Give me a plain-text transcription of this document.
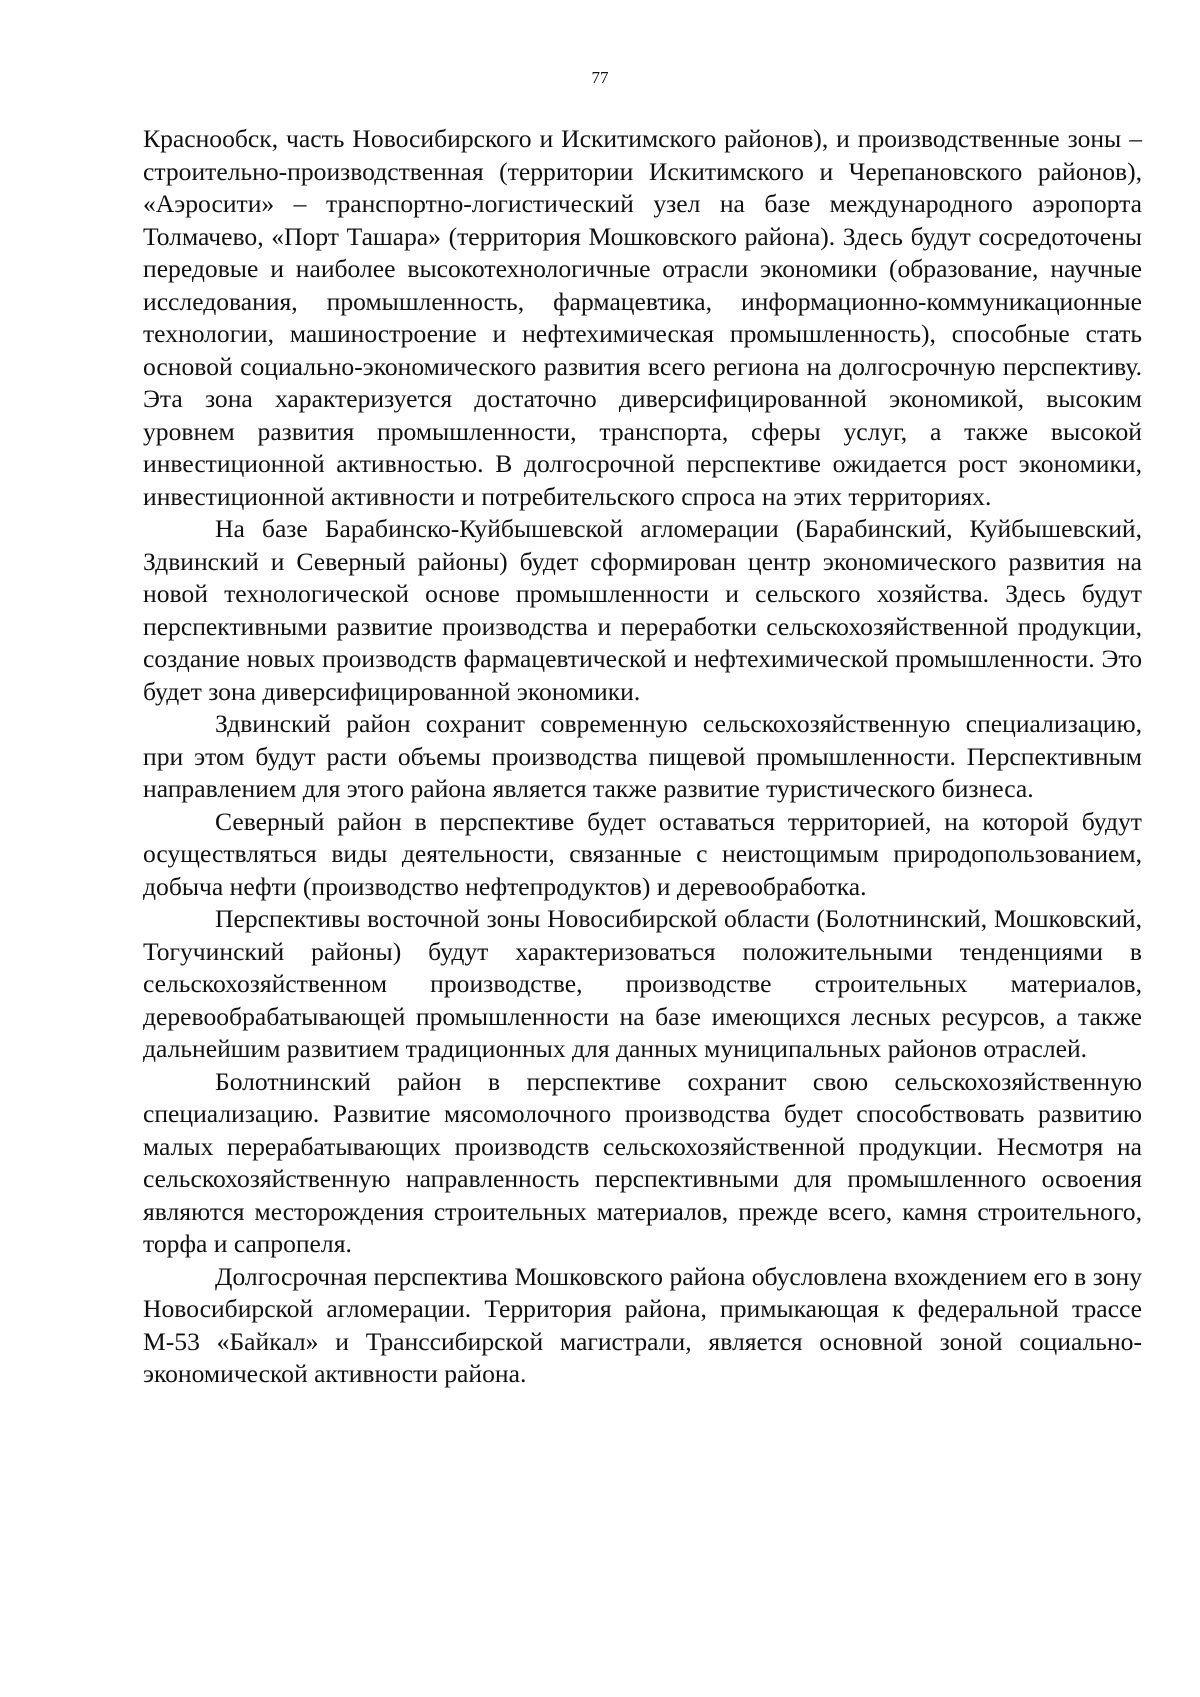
77

Краснообск, часть Новосибирского и Искитимского районов), и производственные зоны – строительно-производственная (территории Искитимского и Черепановского районов), «Аэросити» – транспортно-логистический узел на базе международного аэропорта Толмачево, «Порт Ташара» (территория Мошковского района). Здесь будут сосредоточены передовые и наиболее высокотехнологичные отрасли экономики (образование, научные исследования, промышленность, фармацевтика, информационно-коммуникационные технологии, машиностроение и нефтехимическая промышленность), способные стать основой социально-экономического развития всего региона на долгосрочную перспективу. Эта зона характеризуется достаточно диверсифицированной экономикой, высоким уровнем развития промышленности, транспорта, сферы услуг, а также высокой инвестиционной активностью. В долгосрочной перспективе ожидается рост экономики, инвестиционной активности и потребительского спроса на этих территориях.

На базе Барабинско-Куйбышевской агломерации (Барабинский, Куйбышевский, Здвинский и Северный районы) будет сформирован центр экономического развития на новой технологической основе промышленности и сельского хозяйства. Здесь будут перспективными развитие производства и переработки сельскохозяйственной продукции, создание новых производств фармацевтической и нефтехимической промышленности. Это будет зона диверсифицированной экономики.

Здвинский район сохранит современную сельскохозяйственную специализацию, при этом будут расти объемы производства пищевой промышленности. Перспективным направлением для этого района является также развитие туристического бизнеса.

Северный район в перспективе будет оставаться территорией, на которой будут осуществляться виды деятельности, связанные с неистощимым природопользованием, добыча нефти (производство нефтепродуктов) и деревообработка.

Перспективы восточной зоны Новосибирской области (Болотнинский, Мошковский, Тогучинский районы) будут характеризоваться положительными тенденциями в сельскохозяйственном производстве, производстве строительных материалов, деревообрабатывающей промышленности на базе имеющихся лесных ресурсов, а также дальнейшим развитием традиционных для данных муниципальных районов отраслей.

Болотнинский район в перспективе сохранит свою сельскохозяйственную специализацию. Развитие мясомолочного производства будет способствовать развитию малых перерабатывающих производств сельскохозяйственной продукции. Несмотря на сельскохозяйственную направленность перспективными для промышленного освоения являются месторождения строительных материалов, прежде всего, камня строительного, торфа и сапропеля.

Долгосрочная перспектива Мошковского района обусловлена вхождением его в зону Новосибирской агломерации. Территория района, примыкающая к федеральной трассе М-53 «Байкал» и Транссибирской магистрали, является основной зоной социально-экономической активности района.
